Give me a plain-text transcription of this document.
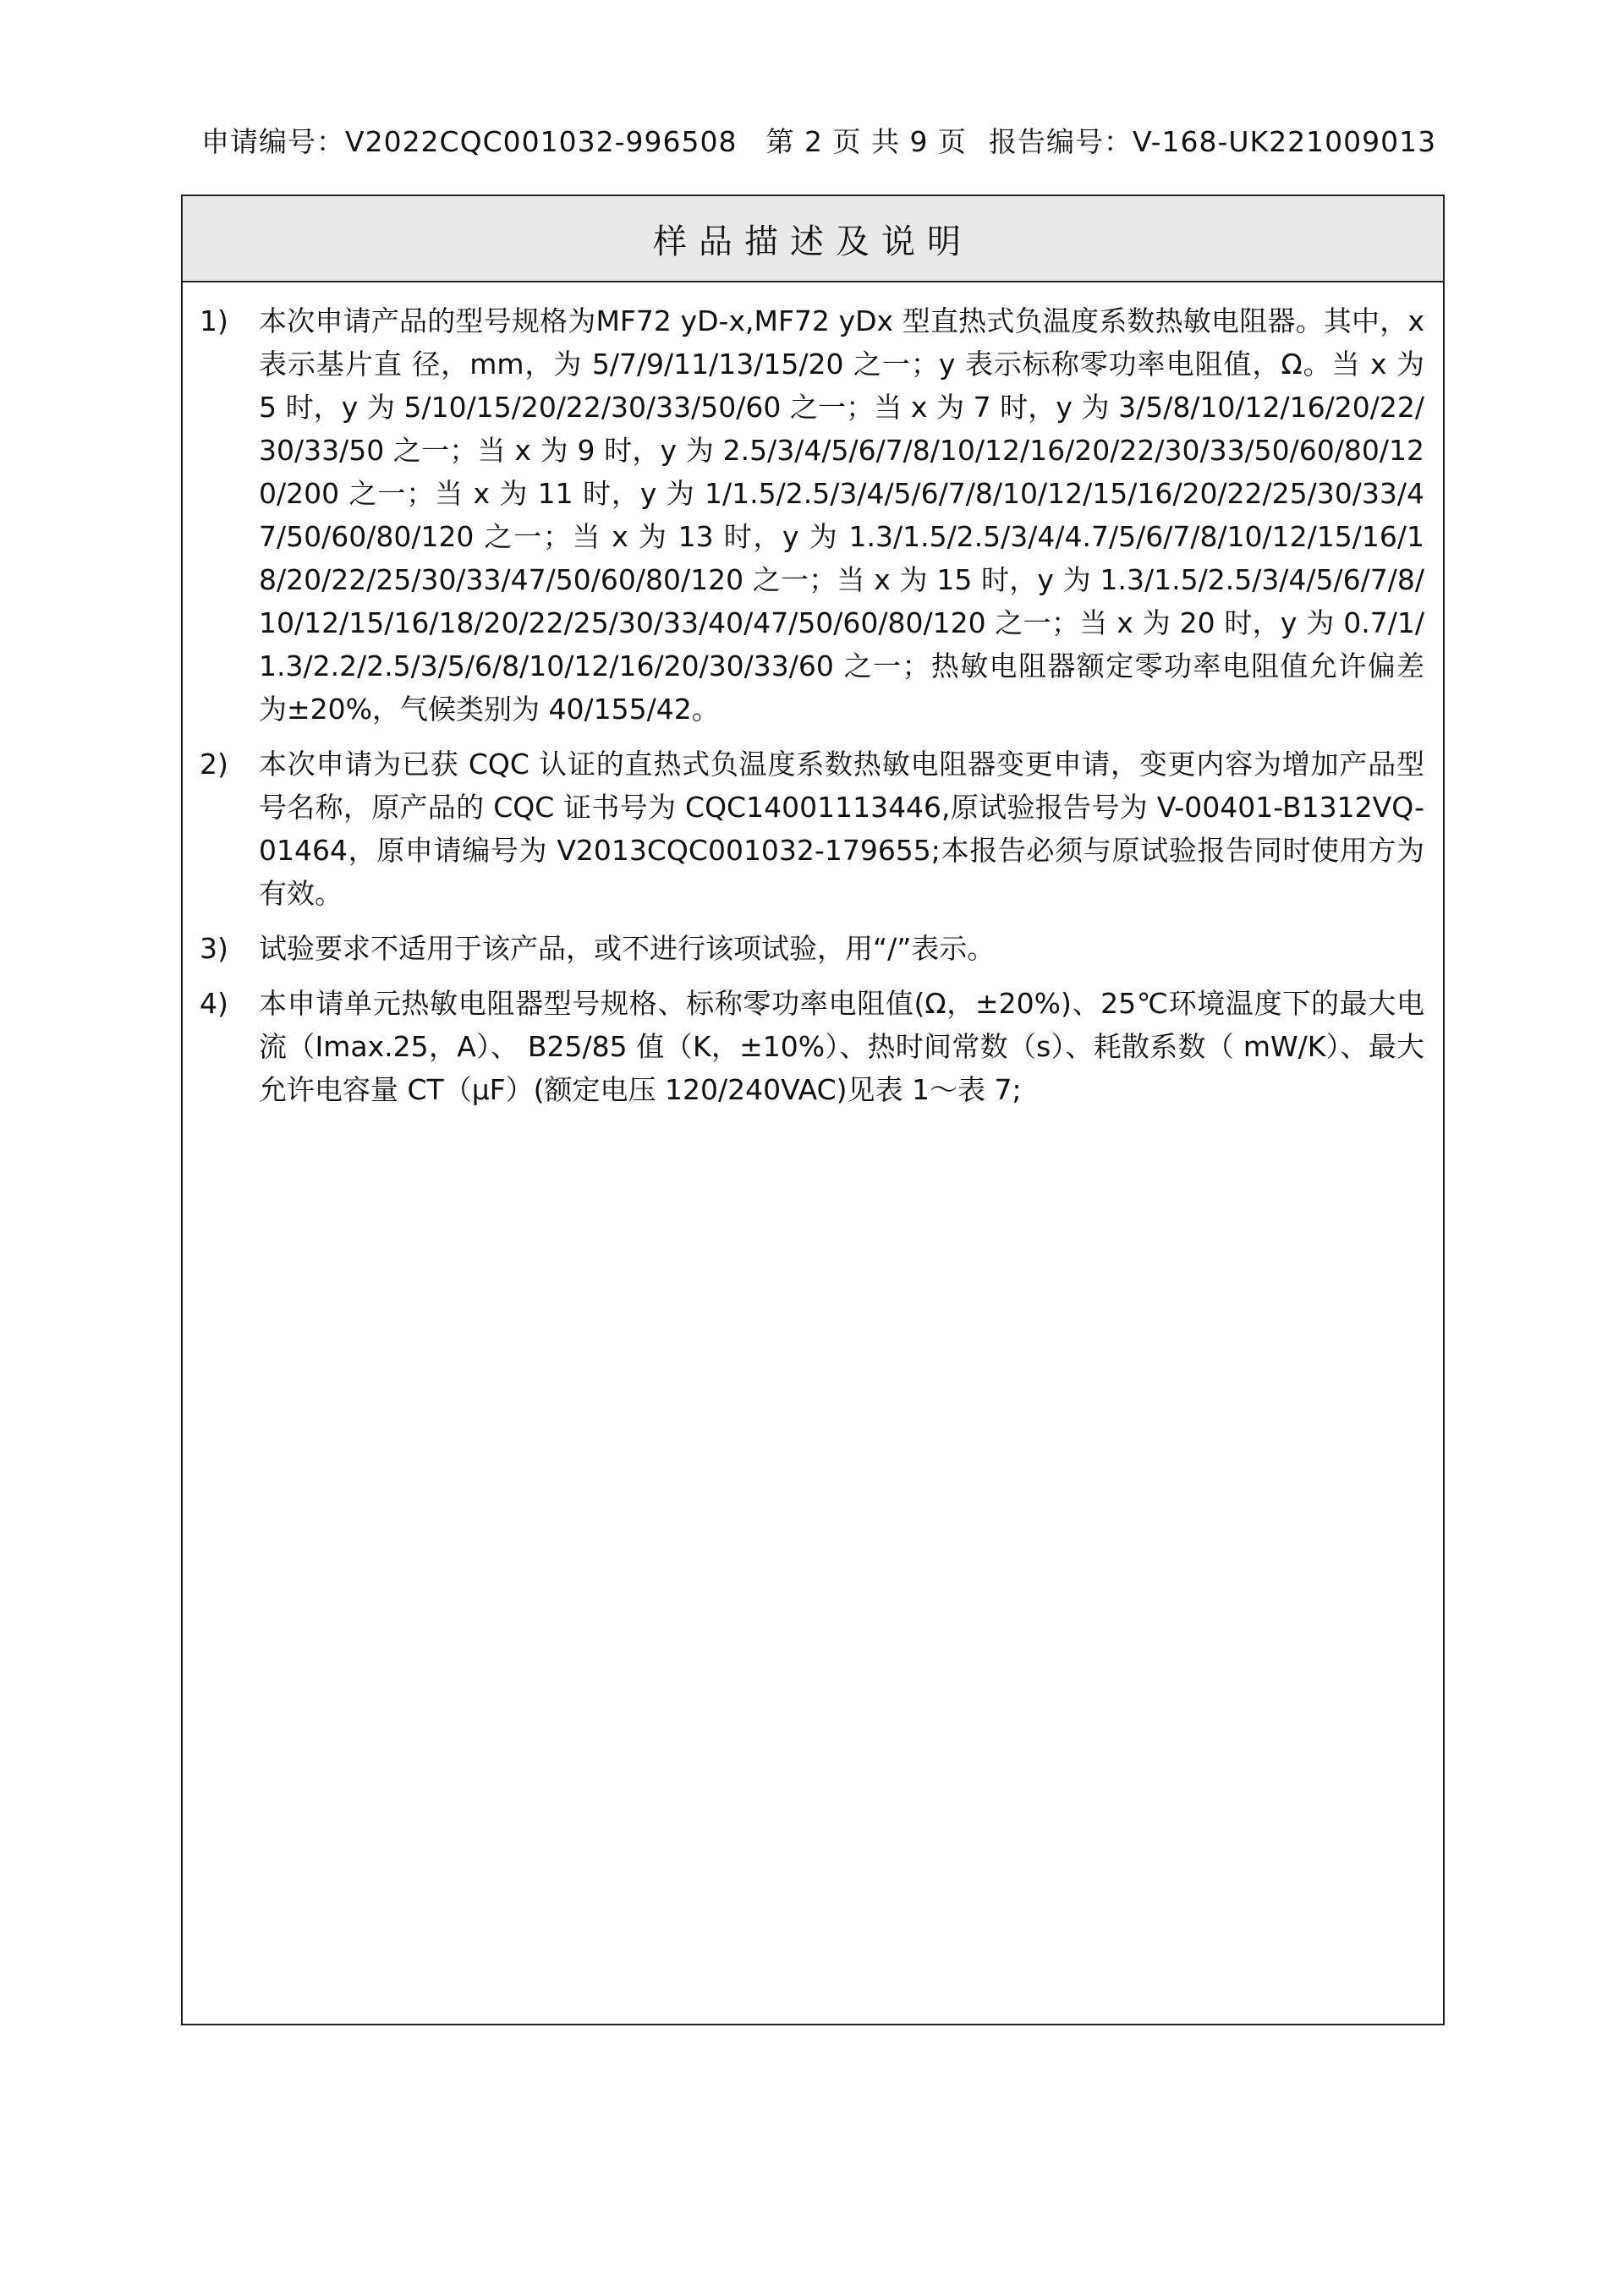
申请编号：V2022CQC001032-996508 第 2 页 共 9 页 报告编号：V-168-UK221009013
样品描述及说明
1)	本次申请产品的型号规格为MF72 yD-x,MF72 yDx 型直热式负温度系数热敏电阻器。其中，x 表示基片直 径，mm，为 5/7/9/11/13/15/20 之一；y 表示标称零功率电阻值，Ω。当 x 为 5 时，y 为 5/10/15/20/22/30/33/50/60 之一；当 x 为 7 时，y 为 3/5/8/10/12/16/20/22/30/33/50 之一；当 x 为 9 时，y 为 2.5/3/4/5/6/7/8/10/12/16/20/22/30/33/50/60/80/120/200 之一；当 x 为 11 时，y 为 1/1.5/2.5/3/4/5/6/7/8/10/12/15/16/20/22/25/30/33/47/50/60/80/120 之一；当 x 为 13 时，y 为 1.3/1.5/2.5/3/4/4.7/5/6/7/8/10/12/15/16/18/20/22/25/30/33/47/50/60/80/120 之一；当 x 为 15 时，y 为 1.3/1.5/2.5/3/4/5/6/7/8/10/12/15/16/18/20/22/25/30/33/40/47/50/60/80/120 之一；当 x 为 20 时，y 为 0.7/1/1.3/2.2/2.5/3/5/6/8/10/12/16/20/30/33/60 之一；热敏电阻器额定零功率电阻值允许偏差为±20%，气候类别为 40/155/42。
2)	本次申请为已获 CQC 认证的直热式负温度系数热敏电阻器变更申请，变更内容为增加产品型号名称，原产品的 CQC 证书号为 CQC14001113446,原试验报告号为 V-00401-B1312VQ-01464，原申请编号为 V2013CQC001032-179655;本报告必须与原试验报告同时使用方为有效。
3)	试验要求不适用于该产品，或不进行该项试验，用“/”表示。
4)	本申请单元热敏电阻器型号规格、标称零功率电阻值(Ω，±20%)、25℃环境温度下的最大电流（Imax.25，A）、 B25/85 值（K，±10%）、热时间常数（s）、耗散系数（ mW/K）、最大允许电容量 CT（μF）(额定电压 120/240VAC)见表 1～表 7;
